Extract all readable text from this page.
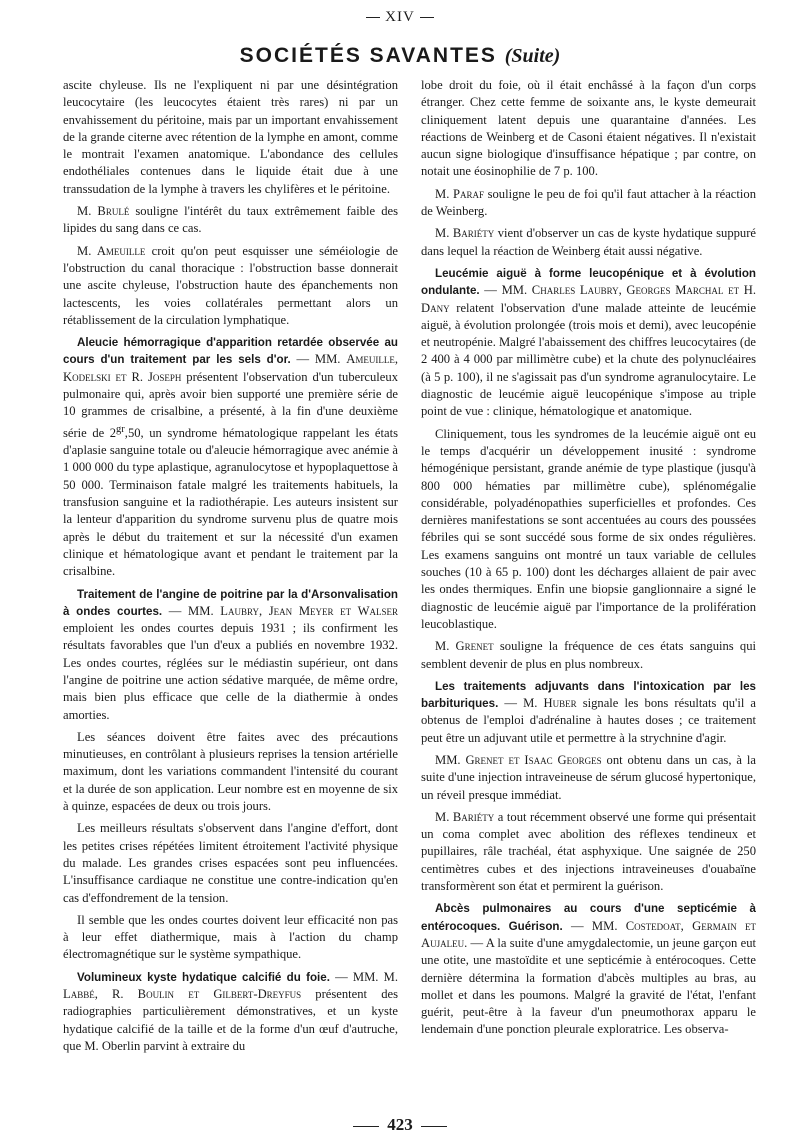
XIV
SOCIÉTÉS SAVANTES (Suite)

ascite chyleuse. Ils ne l'expliquent ni par une désintégration leucocytaire (les leucocytes étaient très rares) ni par un envahissement du péritoine, mais par un important envahissement de la grande citerne avec rétention de la lymphe en amont, comme le montrait l'examen anatomique. L'abondance des cellules endothéliales contenues dans le liquide était due à une transsudation de la lymphe à travers les chylifères et le péritoine.

M. Brulé souligne l'intérêt du taux extrêmement faible des lipides du sang dans ce cas.

M. Ameuille croit qu'on peut esquisser une séméiologie de l'obstruction du canal thoracique : l'obstruction basse donnerait une ascite chyleuse, l'obstruction haute des épanchements non lactescents, les voies collatérales permettant alors un rétablissement de la circulation lymphatique.

Aleucie hémorragique d'apparition retardée observée au cours d'un traitement par les sels d'or. — MM. Ameuille, Kodelski et R. Joseph présentent l'observation d'un tuberculeux pulmonaire qui, après avoir bien supporté une première série de 10 grammes de crisalbine, a présenté, à la fin d'une deuxième série de $2^{gr},50$, un syndrome hématologique rappelant les états d'aplasie sanguine totale ou d'aleucie hémorragique avec anémie à 1 000 000 du type aplastique, agranulocytose et hypoplaquettose à 50 000. Terminaison fatale malgré les traitements habituels, la transfusion sanguine et la radiothérapie. Les auteurs insistent sur la lenteur d'apparition du syndrome survenu plus de quatre mois après le début du traitement et sur la nécessité d'un examen clinique et hématologique avant et pendant le traitement par la crisalbine.

Traitement de l'angine de poitrine par la d'Arsonvalisation à ondes courtes. — MM. Laubry, Jean Meyer et Walser emploient les ondes courtes depuis 1931 ; ils confirment les résultats favorables que l'un d'eux a publiés en novembre 1932. Les ondes courtes, réglées sur le médiastin supérieur, ont dans l'angine de poitrine une action sédative marquée, de même ordre, mais bien plus efficace que celle de la diathermie à ondes amorties.

Les séances doivent être faites avec des précautions minutieuses, en contrôlant à plusieurs reprises la tension artérielle maximum, dont les variations commandent l'intensité du courant et la durée de son application. Leur nombre est en moyenne de six à quinze, espacées de deux ou trois jours.

Les meilleurs résultats s'observent dans l'angine d'effort, dont les petites crises répétées limitent étroitement l'activité physique du malade. Les grandes crises espacées sont peu influencées. L'insuffisance cardiaque ne constitue une contre-indication qu'en cas d'effondrement de la tension.

Il semble que les ondes courtes doivent leur efficacité non pas à leur effet diathermique, mais à l'action du champ électromagnétique sur le système sympathique.

Volumineux kyste hydatique calcifié du foie. — MM. M. Labbé, R. Boulin et Gilbert-Dreyfus présentent des radiographies particulièrement démonstratives, et un kyste hydatique calcifié de la taille et de la forme d'un œuf d'autruche, que M. Oberlin parvint à extraire du

lobe droit du foie, où il était enchâssé à la façon d'un corps étranger. Chez cette femme de soixante ans, le kyste demeurait cliniquement latent depuis une quarantaine d'années. Les réactions de Weinberg et de Casoni étaient négatives. Il n'existait aucun signe biologique d'insuffisance hépatique ; par contre, on notait une éosinophilie de 7 p. 100.

M. Paraf souligne le peu de foi qu'il faut attacher à la réaction de Weinberg.

M. Bariéty vient d'observer un cas de kyste hydatique suppuré dans lequel la réaction de Weinberg était aussi négative.

Leucémie aiguë à forme leucopénique et à évolution ondulante. — MM. Charles Laubry, Georges Marchal et H. Dany relatent l'observation d'une malade atteinte de leucémie aiguë, à évolution prolongée (trois mois et demi), avec leucopénie et neutropénie. Malgré l'abaissement des chiffres leucocytaires (de 2 400 à 4 000 par millimètre cube) et la chute des polynucléaires (à 5 p. 100), il ne s'agissait pas d'un syndrome agranulocytaire. Le diagnostic de leucémie aiguë leucopénique s'impose au triple point de vue : clinique, hématologique et anatomique.

Cliniquement, tous les syndromes de la leucémie aiguë ont eu le temps d'acquérir un développement inusité : syndrome hémogénique persistant, grande anémie de type plastique (jusqu'à 800 000 hématies par millimètre cube), splénomégalie considérable, polyadénopathies superficielles et profondes. Ces dernières manifestations se sont accentuées au cours des poussées fébriles qui se sont succédé sous forme de six ondes régulières. Les examens sanguins ont montré un taux variable de cellules souches (10 à 65 p. 100) dont les décharges allaient de pair avec les ondes thermiques. Enfin une biopsie ganglionnaire a signé le diagnostic de leucémie aiguë par l'importance de la prolifération leucoblastique.

M. Grenet souligne la fréquence de ces états sanguins qui semblent devenir de plus en plus nombreux.

Les traitements adjuvants dans l'intoxication par les barbituriques. — M. Huber signale les bons résultats qu'il a obtenus de l'emploi d'adrénaline à hautes doses ; ce traitement peut être un adjuvant utile et permettre à la strychnine d'agir.

MM. Grenet et Isaac Georges ont obtenu dans un cas, à la suite d'une injection intraveineuse de sérum glucosé hypertonique, un réveil presque immédiat.

M. Bariéty a tout récemment observé une forme qui présentait un coma complet avec abolition des réflexes tendineux et pupillaires, râle trachéal, état asphyxique. Une saignée de 250 centimètres cubes et des injections intraveineuses d'ouabaïne transformèrent son état et permirent la guérison.

Abcès pulmonaires au cours d'une septicémie à entérocoques. Guérison. — MM. Costedoat, Germain et Aujaleu. — A la suite d'une amygdalectomie, un jeune garçon eut une otite, une mastoïdite et une septicémie à entérocoques. Cette dernière détermina la formation d'abcès multiples au bras, au mollet et dans les poumons. Malgré la gravité de l'état, l'enfant guérit, peut-être à la faveur d'un pneumothorax apparu le lendemain d'une ponction pleurale exploratrice. Les observa-

423
